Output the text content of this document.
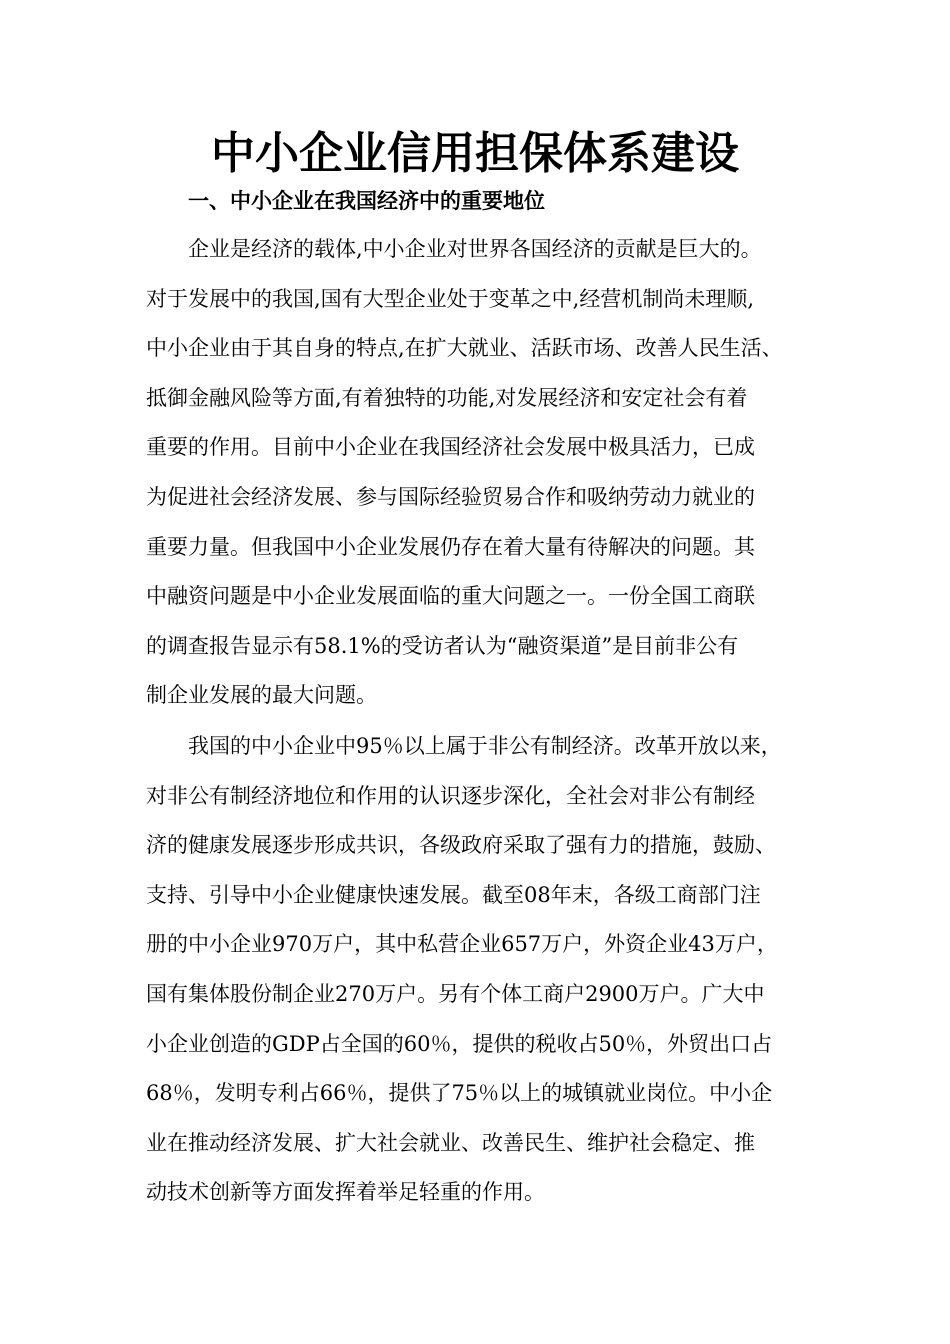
中小企业信用担保体系建设
一、中小企业在我国经济中的重要地位
企业是经济的载体,中小企业对世界各国经济的贡献是巨大的。
对于发展中的我国,国有大型企业处于变革之中,经营机制尚未理顺,
中小企业由于其自身的特点,在扩大就业、活跃市场、改善人民生活、
抵御金融风险等方面,有着独特的功能,对发展经济和安定社会有着
重要的作用。目前中小企业在我国经济社会发展中极具活力，已成
为促进社会经济发展、参与国际经验贸易合作和吸纳劳动力就业的
重要力量。但我国中小企业发展仍存在着大量有待解决的问题。其
中融资问题是中小企业发展面临的重大问题之一。一份全国工商联
的调查报告显示有58.1%的受访者认为“融资渠道”是目前非公有
制企业发展的最大问题。
我国的中小企业中95％以上属于非公有制经济。改革开放以来，
对非公有制经济地位和作用的认识逐步深化，全社会对非公有制经
济的健康发展逐步形成共识，各级政府采取了强有力的措施，鼓励、
支持、引导中小企业健康快速发展。截至08年末，各级工商部门注
册的中小企业970万户，其中私营企业657万户，外资企业43万户，
国有集体股份制企业270万户。另有个体工商户2900万户。广大中
小企业创造的GDP占全国的60％，提供的税收占50％，外贸出口占
68％，发明专利占66％，提供了75％以上的城镇就业岗位。中小企
业在推动经济发展、扩大社会就业、改善民生、维护社会稳定、推
动技术创新等方面发挥着举足轻重的作用。
